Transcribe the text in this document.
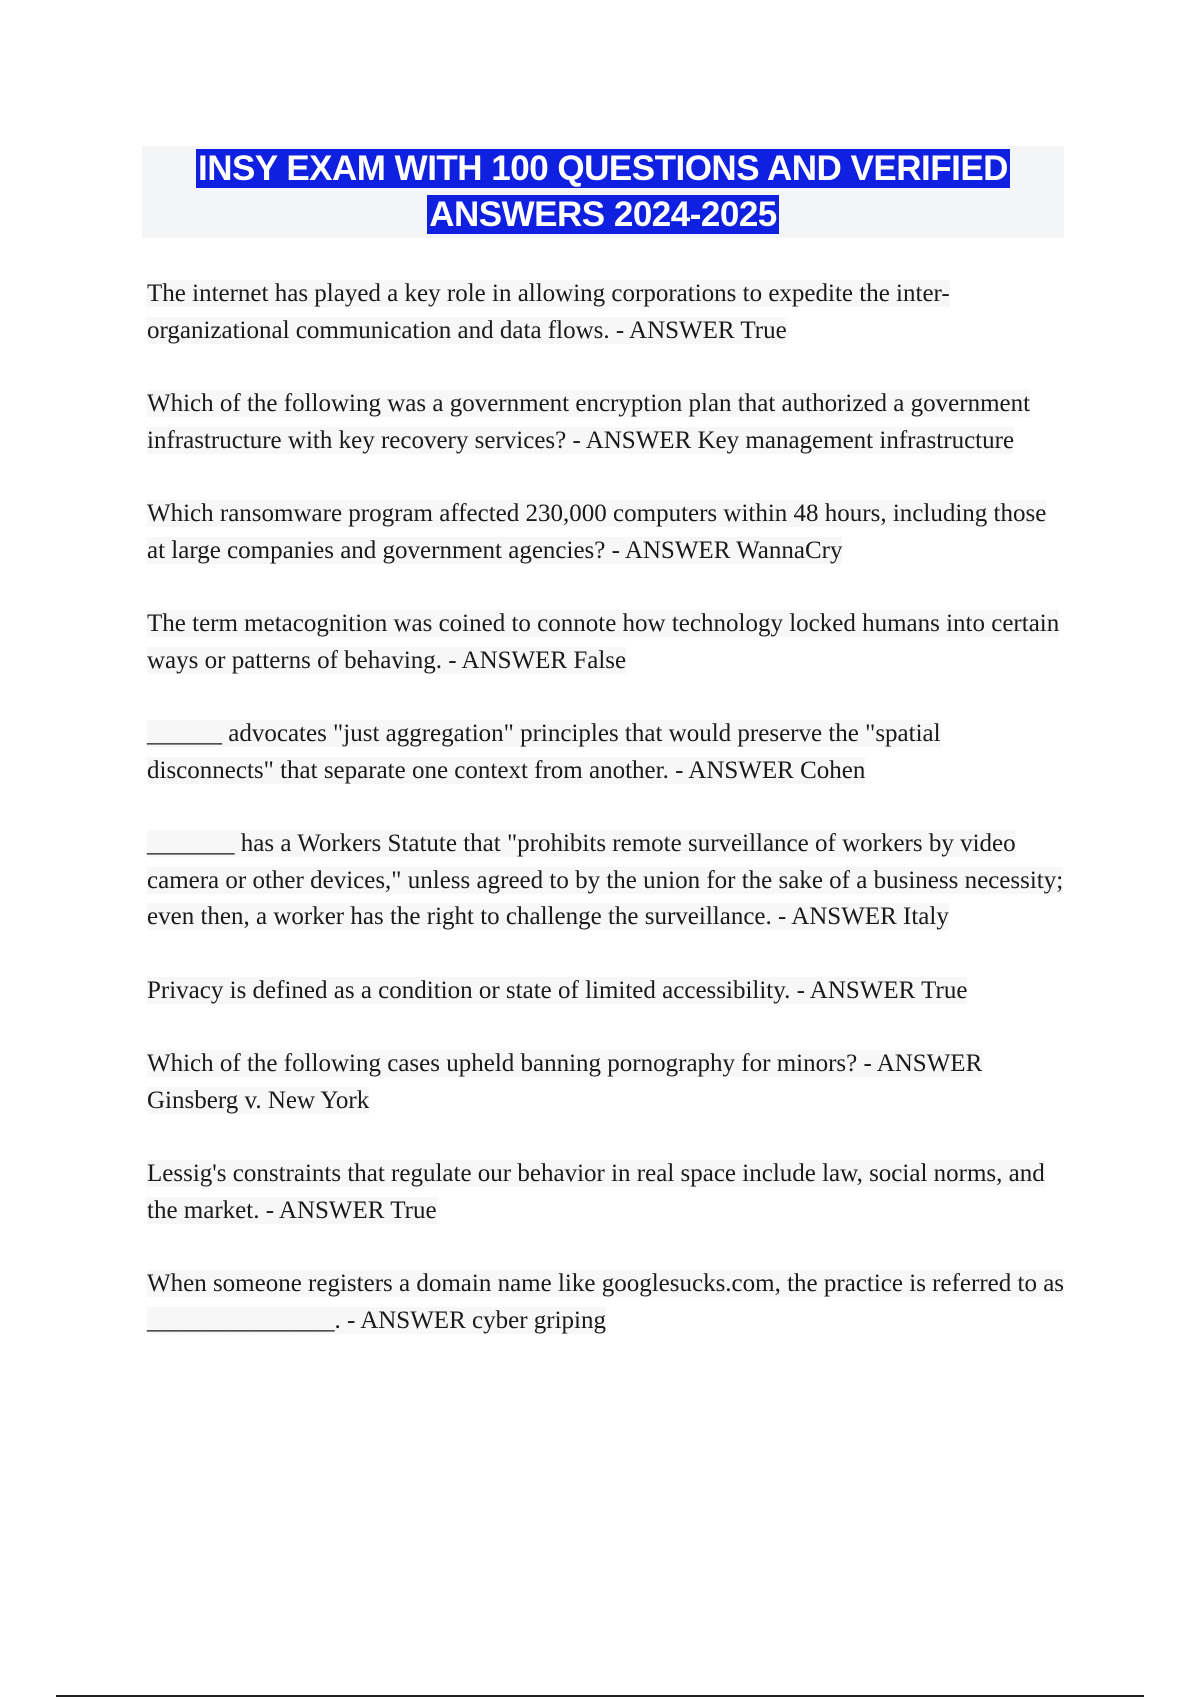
INSY EXAM WITH 100 QUESTIONS AND VERIFIED
ANSWERS 2024-2025

The internet has played a key role in allowing corporations to expedite the inter-organizational communication and data flows. - ANSWER True

Which of the following was a government encryption plan that authorized a government infrastructure with key recovery services? - ANSWER Key management infrastructure

Which ransomware program affected 230,000 computers within 48 hours, including those at large companies and government agencies? - ANSWER WannaCry

The term metacognition was coined to connote how technology locked humans into certain ways or patterns of behaving. - ANSWER False

______ advocates "just aggregation" principles that would preserve the "spatial disconnects" that separate one context from another. - ANSWER Cohen

_______ has a Workers Statute that "prohibits remote surveillance of workers by video camera or other devices," unless agreed to by the union for the sake of a business necessity; even then, a worker has the right to challenge the surveillance. - ANSWER Italy

Privacy is defined as a condition or state of limited accessibility. - ANSWER True

Which of the following cases upheld banning pornography for minors? - ANSWER Ginsberg v. New York

Lessig's constraints that regulate our behavior in real space include law, social norms, and the market. - ANSWER True

When someone registers a domain name like googlesucks.com, the practice is referred to as _______________. - ANSWER cyber griping
